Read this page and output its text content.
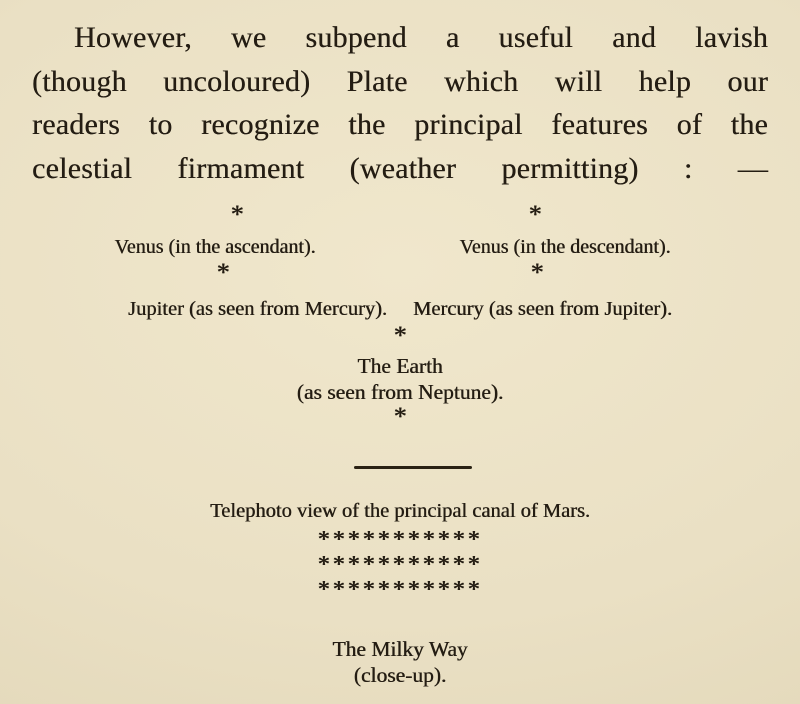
However, we subpend a useful and lavish
(though uncoloured) Plate which will help our
readers to recognize the principal features of the
celestial firmament (weather permitting) : —
*
Venus (in the ascendant).
*
*
Venus (in the descendant).
*
Jupiter (as seen from Mercury). Mercury (as seen from Jupiter).
*
The Earth
(as seen from Neptune).
*
Telephoto view of the principal canal of Mars.
***********
***********
***********
The Milky Way
(close-up).
